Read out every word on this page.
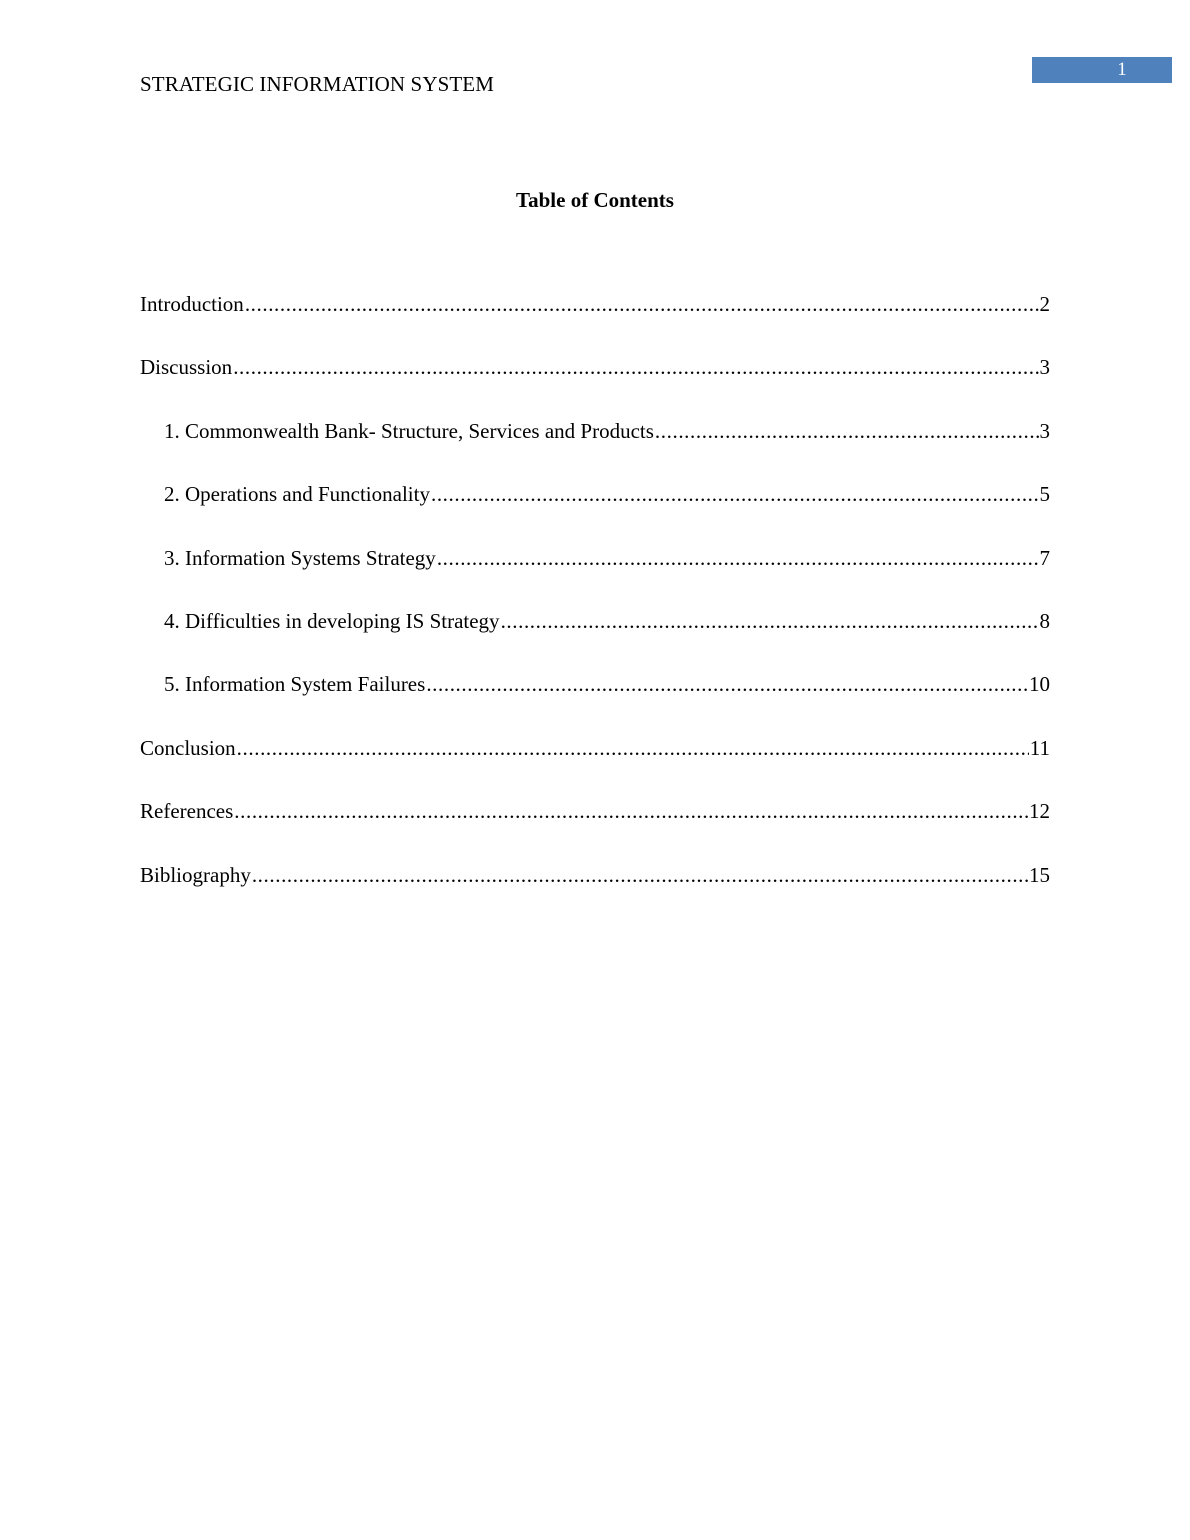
1
STRATEGIC INFORMATION SYSTEM
Table of Contents
Introduction .....	2
Discussion .....	3
1. Commonwealth Bank- Structure, Services and Products .....	3
2. Operations and Functionality .....	5
3. Information Systems Strategy .....	7
4. Difficulties in developing IS Strategy .....	8
5. Information System Failures .....	10
Conclusion .....	11
References .....	12
Bibliography .....	15
